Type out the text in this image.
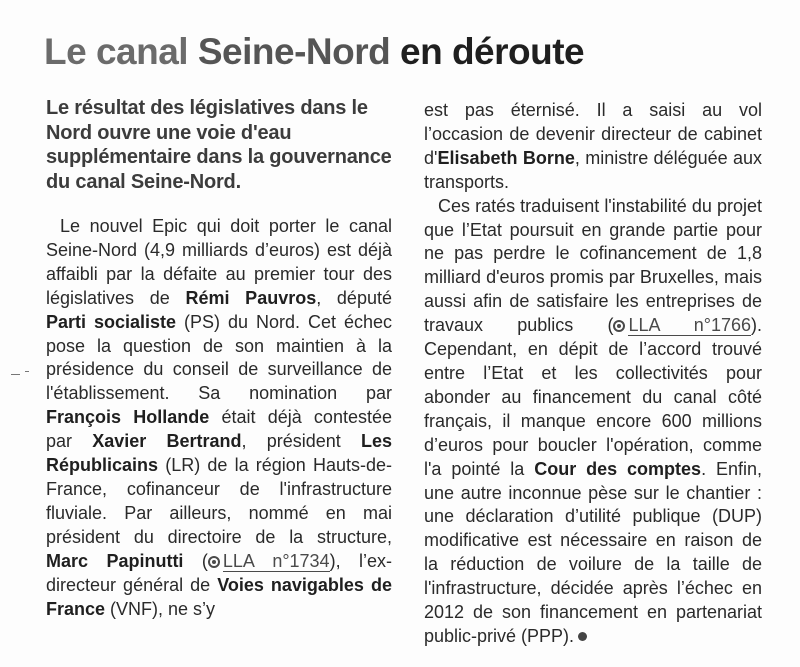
Le canal Seine-Nord en déroute
Le résultat des législatives dans le Nord ouvre une voie d'eau supplémentaire dans la gouvernance du canal Seine-Nord.

Le nouvel Epic qui doit porter le canal Seine-Nord (4,9 milliards d’euros) est déjà affaibli par la défaite au premier tour des législatives de Rémi Pauvros, député Parti socialiste (PS) du Nord. Cet échec pose la question de son maintien à la présidence du conseil de surveillance de l'établissement. Sa nomination par François Hollande était déjà contestée par Xavier Bertrand, président Les Républicains (LR) de la région Hauts-de-France, cofinanceur de l'infrastructure fluviale. Par ailleurs, nommé en mai président du directoire de la structure, Marc Papinutti ( LLA n°1734), l’ex-directeur général de Voies navigables de France (VNF), ne s’y

est pas éternisé. Il a saisi au vol l’occasion de devenir directeur de cabinet d'Elisabeth Borne, ministre déléguée aux transports.

Ces ratés traduisent l'instabilité du projet que l’Etat poursuit en grande partie pour ne pas perdre le cofinancement de 1,8 milliard d'euros promis par Bruxelles, mais aussi afin de satisfaire les entreprises de travaux publics ( LLA n°1766). Cependant, en dépit de l’accord trouvé entre l’Etat et les collectivités pour abonder au financement du canal côté français, il manque encore 600 millions d’euros pour boucler l'opération, comme l'a pointé la Cour des comptes. Enfin, une autre inconnue pèse sur le chantier : une déclaration d’utilité publique (DUP) modificative est nécessaire en raison de la réduction de voilure de la taille de l'infrastructure, décidée après l’échec en 2012 de son financement en partenariat public-privé (PPP).
